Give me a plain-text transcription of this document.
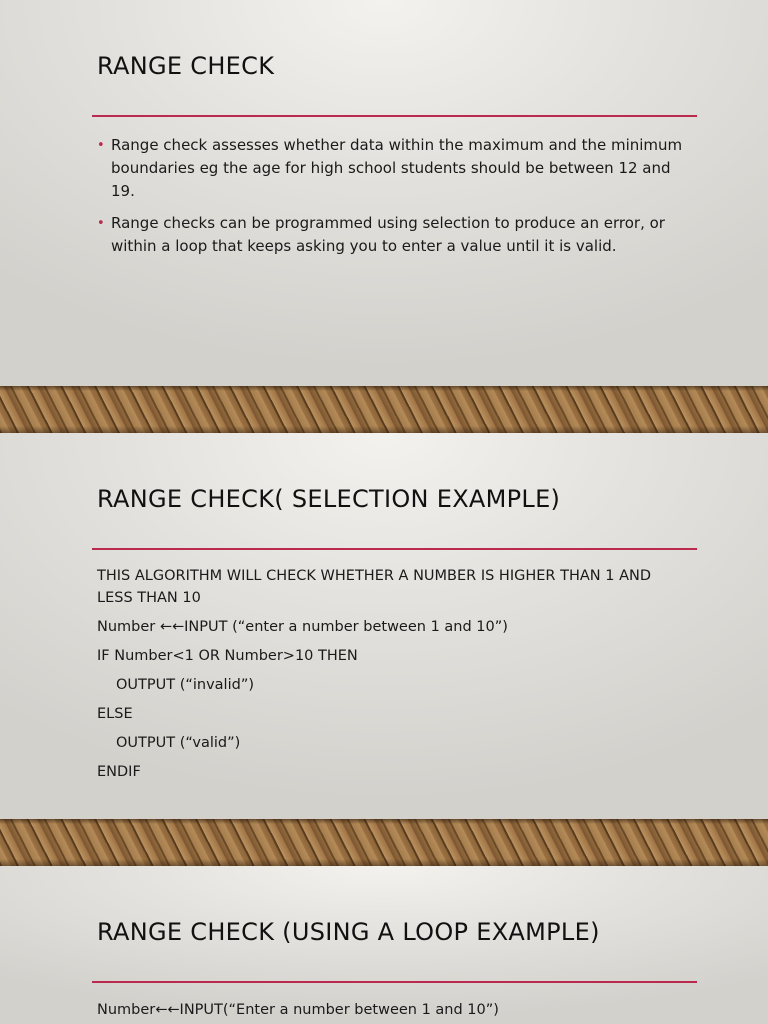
RANGE CHECK
• Range check assesses whether data within the maximum and the minimum boundaries eg the age for high school students should be between 12 and 19.
• Range checks can be programmed using selection to produce an error, or within a loop that keeps asking you to enter a value until it is valid.
RANGE CHECK( SELECTION EXAMPLE)
THIS ALGORITHM WILL CHECK WHETHER A NUMBER IS HIGHER THAN 1 AND LESS THAN 10
Number ←←INPUT (“enter a number between 1 and 10”)
IF Number<1 OR Number>10 THEN
OUTPUT (“invalid”)
ELSE
OUTPUT (“valid”)
ENDIF
RANGE CHECK (USING A LOOP EXAMPLE)
Number←←INPUT(“Enter a number between 1 and 10”)
